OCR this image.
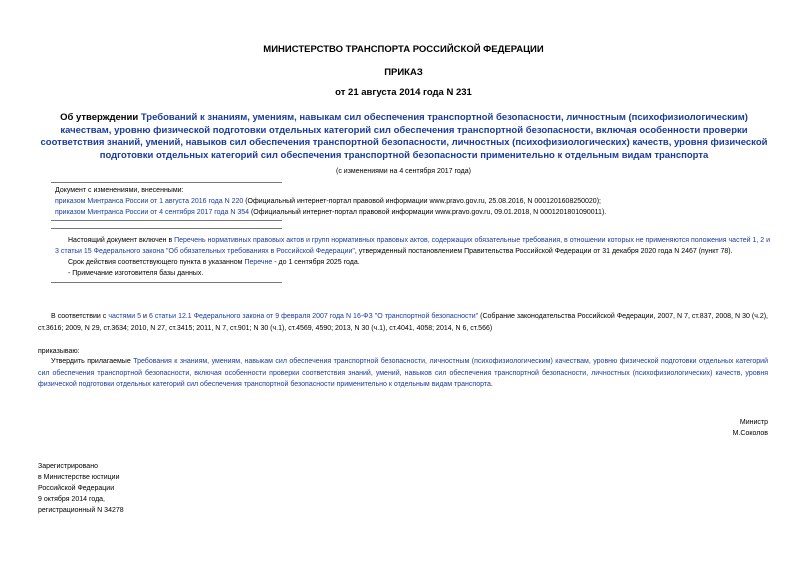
МИНИСТЕРСТВО ТРАНСПОРТА РОССИЙСКОЙ ФЕДЕРАЦИИ
ПРИКАЗ
от 21 августа 2014 года N 231
Об утверждении Требований к знаниям, умениям, навыкам сил обеспечения транспортной безопасности, личностным (психофизиологическим) качествам, уровню физической подготовки отдельных категорий сил обеспечения транспортной безопасности, включая особенности проверки соответствия знаний, умений, навыков сил обеспечения транспортной безопасности, личностных (психофизиологических) качеств, уровня физической подготовки отдельных категорий сил обеспечения транспортной безопасности применительно к отдельным видам транспорта
(с изменениями на 4 сентября 2017 года)
Документ с изменениями, внесенными:
приказом Минтранса России от 1 августа 2016 года N 220 (Официальный интернет-портал правовой информации www.pravo.gov.ru, 25.08.2016, N 0001201608250020);
приказом Минтранса России от 4 сентября 2017 года N 354 (Официальный интернет-портал правовой информации www.pravo.gov.ru, 09.01.2018, N 0001201801090011).
Настоящий документ включен в Перечень нормативных правовых актов и групп нормативных правовых актов, содержащих обязательные требования, в отношении которых не применяются положения частей 1, 2 и 3 статьи 15 Федерального закона "Об обязательных требованиях в Российской Федерации", утвержденный постановлением Правительства Российской Федерации от 31 декабря 2020 года N 2467 (пункт 78).
Срок действия соответствующего пункта в указанном Перечне - до 1 сентября 2025 года.
- Примечание изготовителя базы данных.
В соответствии с частями 5 и 6 статьи 12.1 Федерального закона от 9 февраля 2007 года N 16-ФЗ "О транспортной безопасности" (Собрание законодательства Российской Федерации, 2007, N 7, ст.837, 2008, N 30 (ч.2), ст.3616; 2009, N 29, ст.3634; 2010, N 27, ст.3415; 2011, N 7, ст.901; N 30 (ч.1), ст.4569, 4590; 2013, N 30 (ч.1), ст.4041, 4058; 2014, N 6, ст.566)
приказываю:
Утвердить прилагаемые Требования к знаниям, умениям, навыкам сил обеспечения транспортной безопасности, личностным (психофизиологическим) качествам, уровню физической подготовки отдельных категорий сил обеспечения транспортной безопасности, включая особенности проверки соответствия знаний, умений, навыков сил обеспечения транспортной безопасности, личностных (психофизиологических) качеств, уровня физической подготовки отдельных категорий сил обеспечения транспортной безопасности применительно к отдельным видам транспорта.
Министр
М.Соколов
Зарегистрировано
в Министерстве юстиции
Российской Федерации
9 октября 2014 года,
регистрационный N 34278
